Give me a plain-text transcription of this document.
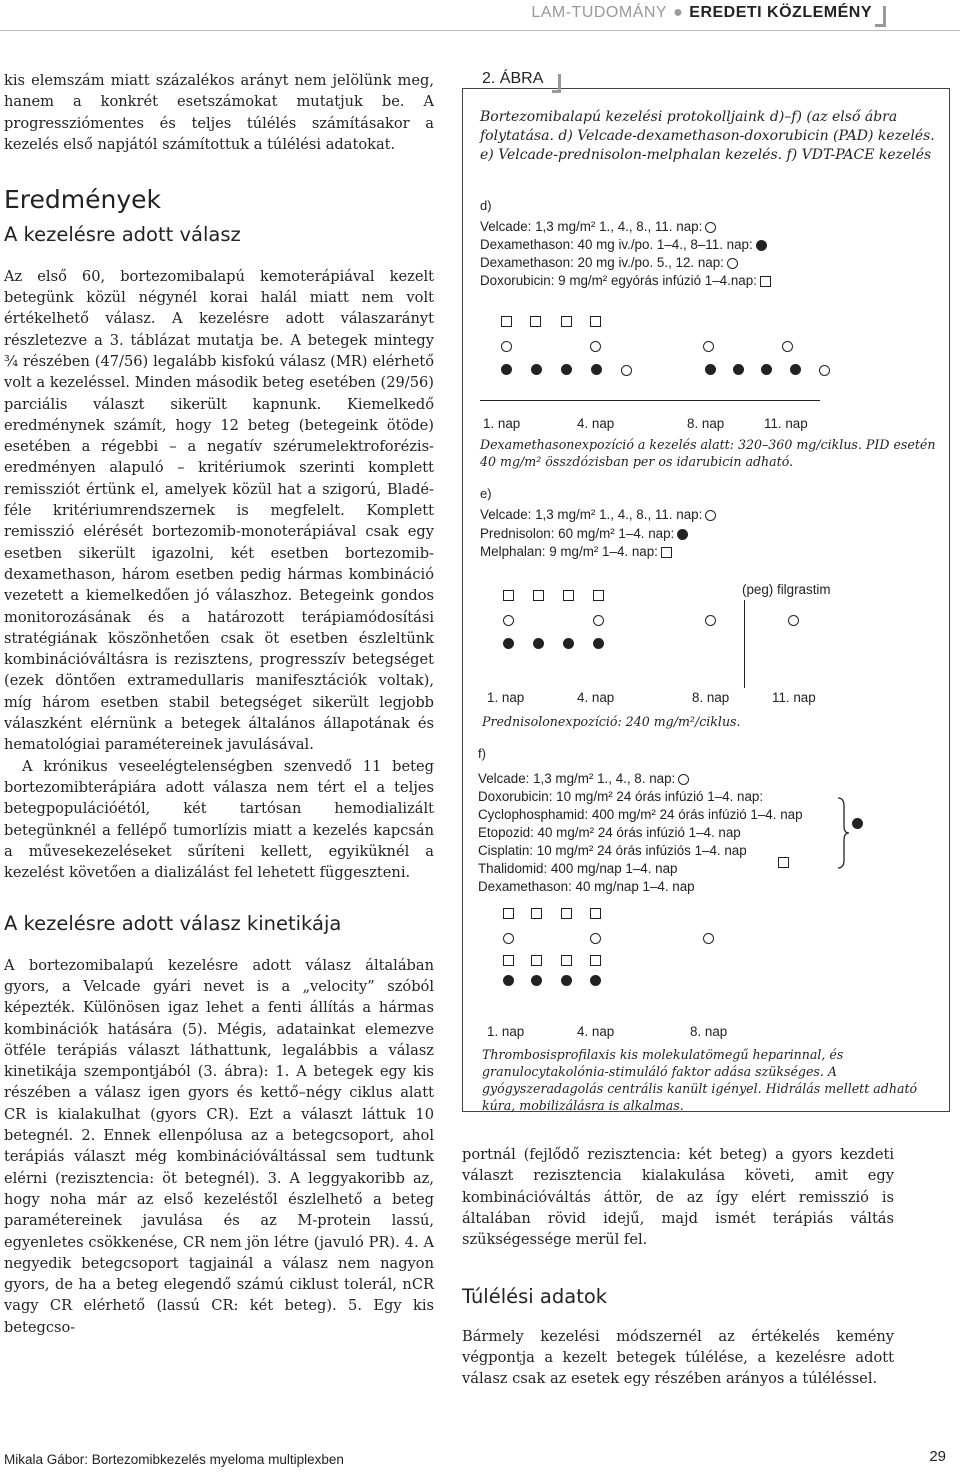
LAM-TUDOMÁNY ● EREDETI KÖZLEMÉNY

kis elemszám miatt százalékos arányt nem jelölünk meg, hanem a konkrét esetszámokat mutatjuk be. A progressziómentes és teljes túlélés számításakor a kezelés első napjától számítottuk a túlélési adatokat.

Eredmények
A kezelésre adott válasz

Az első 60, bortezomibalapú kemoterápiával kezelt betegünk közül négynél korai halál miatt nem volt értékelhető válasz. A kezelésre adott válaszarányt részletezve a 3. táblázat mutatja be. A betegek mintegy ¾ részében (47/56) legalább kisfokú válasz (MR) elérhető volt a kezeléssel. Minden második beteg esetében (29/56) parciális választ sikerült kapnunk. Kiemelkedő eredménynek számít, hogy 12 beteg (betegeink ötöde) esetében a régebbi – a negatív szérumelektroforézis-eredményen alapuló – kritériumok szerinti komplett remissziót értünk el, amelyek közül hat a szigorú, Bladé-féle kritériumrendszernek is megfelelt. Komplett remisszió elérését bortezomib-monoterápiával csak egy esetben sikerült igazolni, két esetben bortezomib-dexamethason, három esetben pedig hármas kombináció vezetett a kiemelkedően jó válaszhoz. Betegeink gondos monitorozásának és a határozott terápiamódosítási stratégiának köszönhetően csak öt esetben észleltünk kombinációváltásra is rezisztens, progresszív betegséget (ezek döntően extramedullaris manifesztációk voltak), míg három esetben stabil betegséget sikerült legjobb válaszként elérnünk a betegek általános állapotának és hematológiai paramétereinek javulásával.

A krónikus veseelégtelenségben szenvedő 11 beteg bortezomibterápiára adott válasza nem tért el a teljes betegpopulációétól, két tartósan hemodializált betegünknél a fellépő tumorlízis miatt a kezelés kapcsán a művesekezeléseket sűríteni kellett, egyiküknél a kezelést követően a dializálást fel lehetett függeszteni.

A kezelésre adott válasz kinetikája

A bortezomibalapú kezelésre adott válasz általában gyors, a Velcade gyári nevet is a „velocity” szóból képezték. Különösen igaz lehet a fenti állítás a hármas kombinációk hatására (5). Mégis, adatainkat elemezve ötféle terápiás választ láthattunk, legalábbis a válasz kinetikája szempontjából (3. ábra): 1. A betegek egy kis részében a válasz igen gyors és kettő–négy ciklus alatt CR is kialakulhat (gyors CR). Ezt a választ láttuk 10 betegnél. 2. Ennek ellenpólusa az a betegcsoport, ahol terápiás választ még kombinációváltással sem tudtunk elérni (rezisztencia: öt betegnél). 3. A leggyakoribb az, hogy noha már az első kezeléstől észlelhető a beteg paramétereinek javulása és az M-protein lassú, egyenletes csökkenése, CR nem jön létre (javuló PR). 4. A negyedik betegcsoport tagjainál a válasz nem nagyon gyors, de ha a beteg elegendő számú ciklust tolerál, nCR vagy CR elérhető (lassú CR: két beteg). 5. Egy kis betegcso-

2. ÁBRA
Bortezomibalapú kezelési protokolljaink d)–f) (az első ábra folytatása. d) Velcade-dexamethason-doxorubicin (PAD) kezelés. e) Velcade-prednisolon-melphalan kezelés. f) VDT-PACE kezelés
d)
Velcade: 1,3 mg/m² 1., 4., 8., 11. nap:
Dexamethason: 40 mg iv./po. 1–4., 8–11. nap:
Dexamethason: 20 mg iv./po. 5., 12. nap:
Doxorubicin: 9 mg/m² egyórás infúzió 1–4.nap:
1. nap	4. nap	8. nap	11. nap
Dexamethasonexpozíció a kezelés alatt: 320–360 mg/ciklus. PID esetén 40 mg/m² összdózisban per os idarubicin adható.
e)
Velcade: 1,3 mg/m² 1., 4., 8., 11. nap:
Prednisolon: 60 mg/m² 1–4. nap:
Melphalan: 9 mg/m² 1–4. nap:
(peg) filgrastim
1. nap	4. nap	8. nap	11. nap
Prednisolonexpozíció: 240 mg/m²/ciklus.
f)
Velcade: 1,3 mg/m² 1., 4., 8. nap:
Doxorubicin: 10 mg/m² 24 órás infúzió 1–4. nap:
Cyclophosphamid: 400 mg/m² 24 órás infúzió 1–4. nap
Etopozid: 40 mg/m² 24 órás infúzió 1–4. nap
Cisplatin: 10 mg/m² 24 órás infúziós 1–4. nap
Thalidomid: 400 mg/nap 1–4. nap
Dexamethason: 40 mg/nap 1–4. nap
1. nap	4. nap	8. nap
Thrombosisprofilaxis kis molekulatömegű heparinnal, és granulocytakolónia-stimuláló faktor adása szükséges. A gyógyszeradagolás centrális kanült igényel. Hidrálás mellett adható kúra, mobilizálásra is alkalmas.

portnál (fejlődő rezisztencia: két beteg) a gyors kezdeti választ rezisztencia kialakulása követi, amit egy kombinációváltás áttör, de az így elért remisszió is általában rövid idejű, majd ismét terápiás váltás szükségessége merül fel.

Túlélési adatok

Bármely kezelési módszernél az értékelés kemény végpontja a kezelt betegek túlélése, a kezelésre adott válasz csak az esetek egy részében arányos a túléléssel.

Mikala Gábor: Bortezomibkezelés myeloma multiplexben	29
